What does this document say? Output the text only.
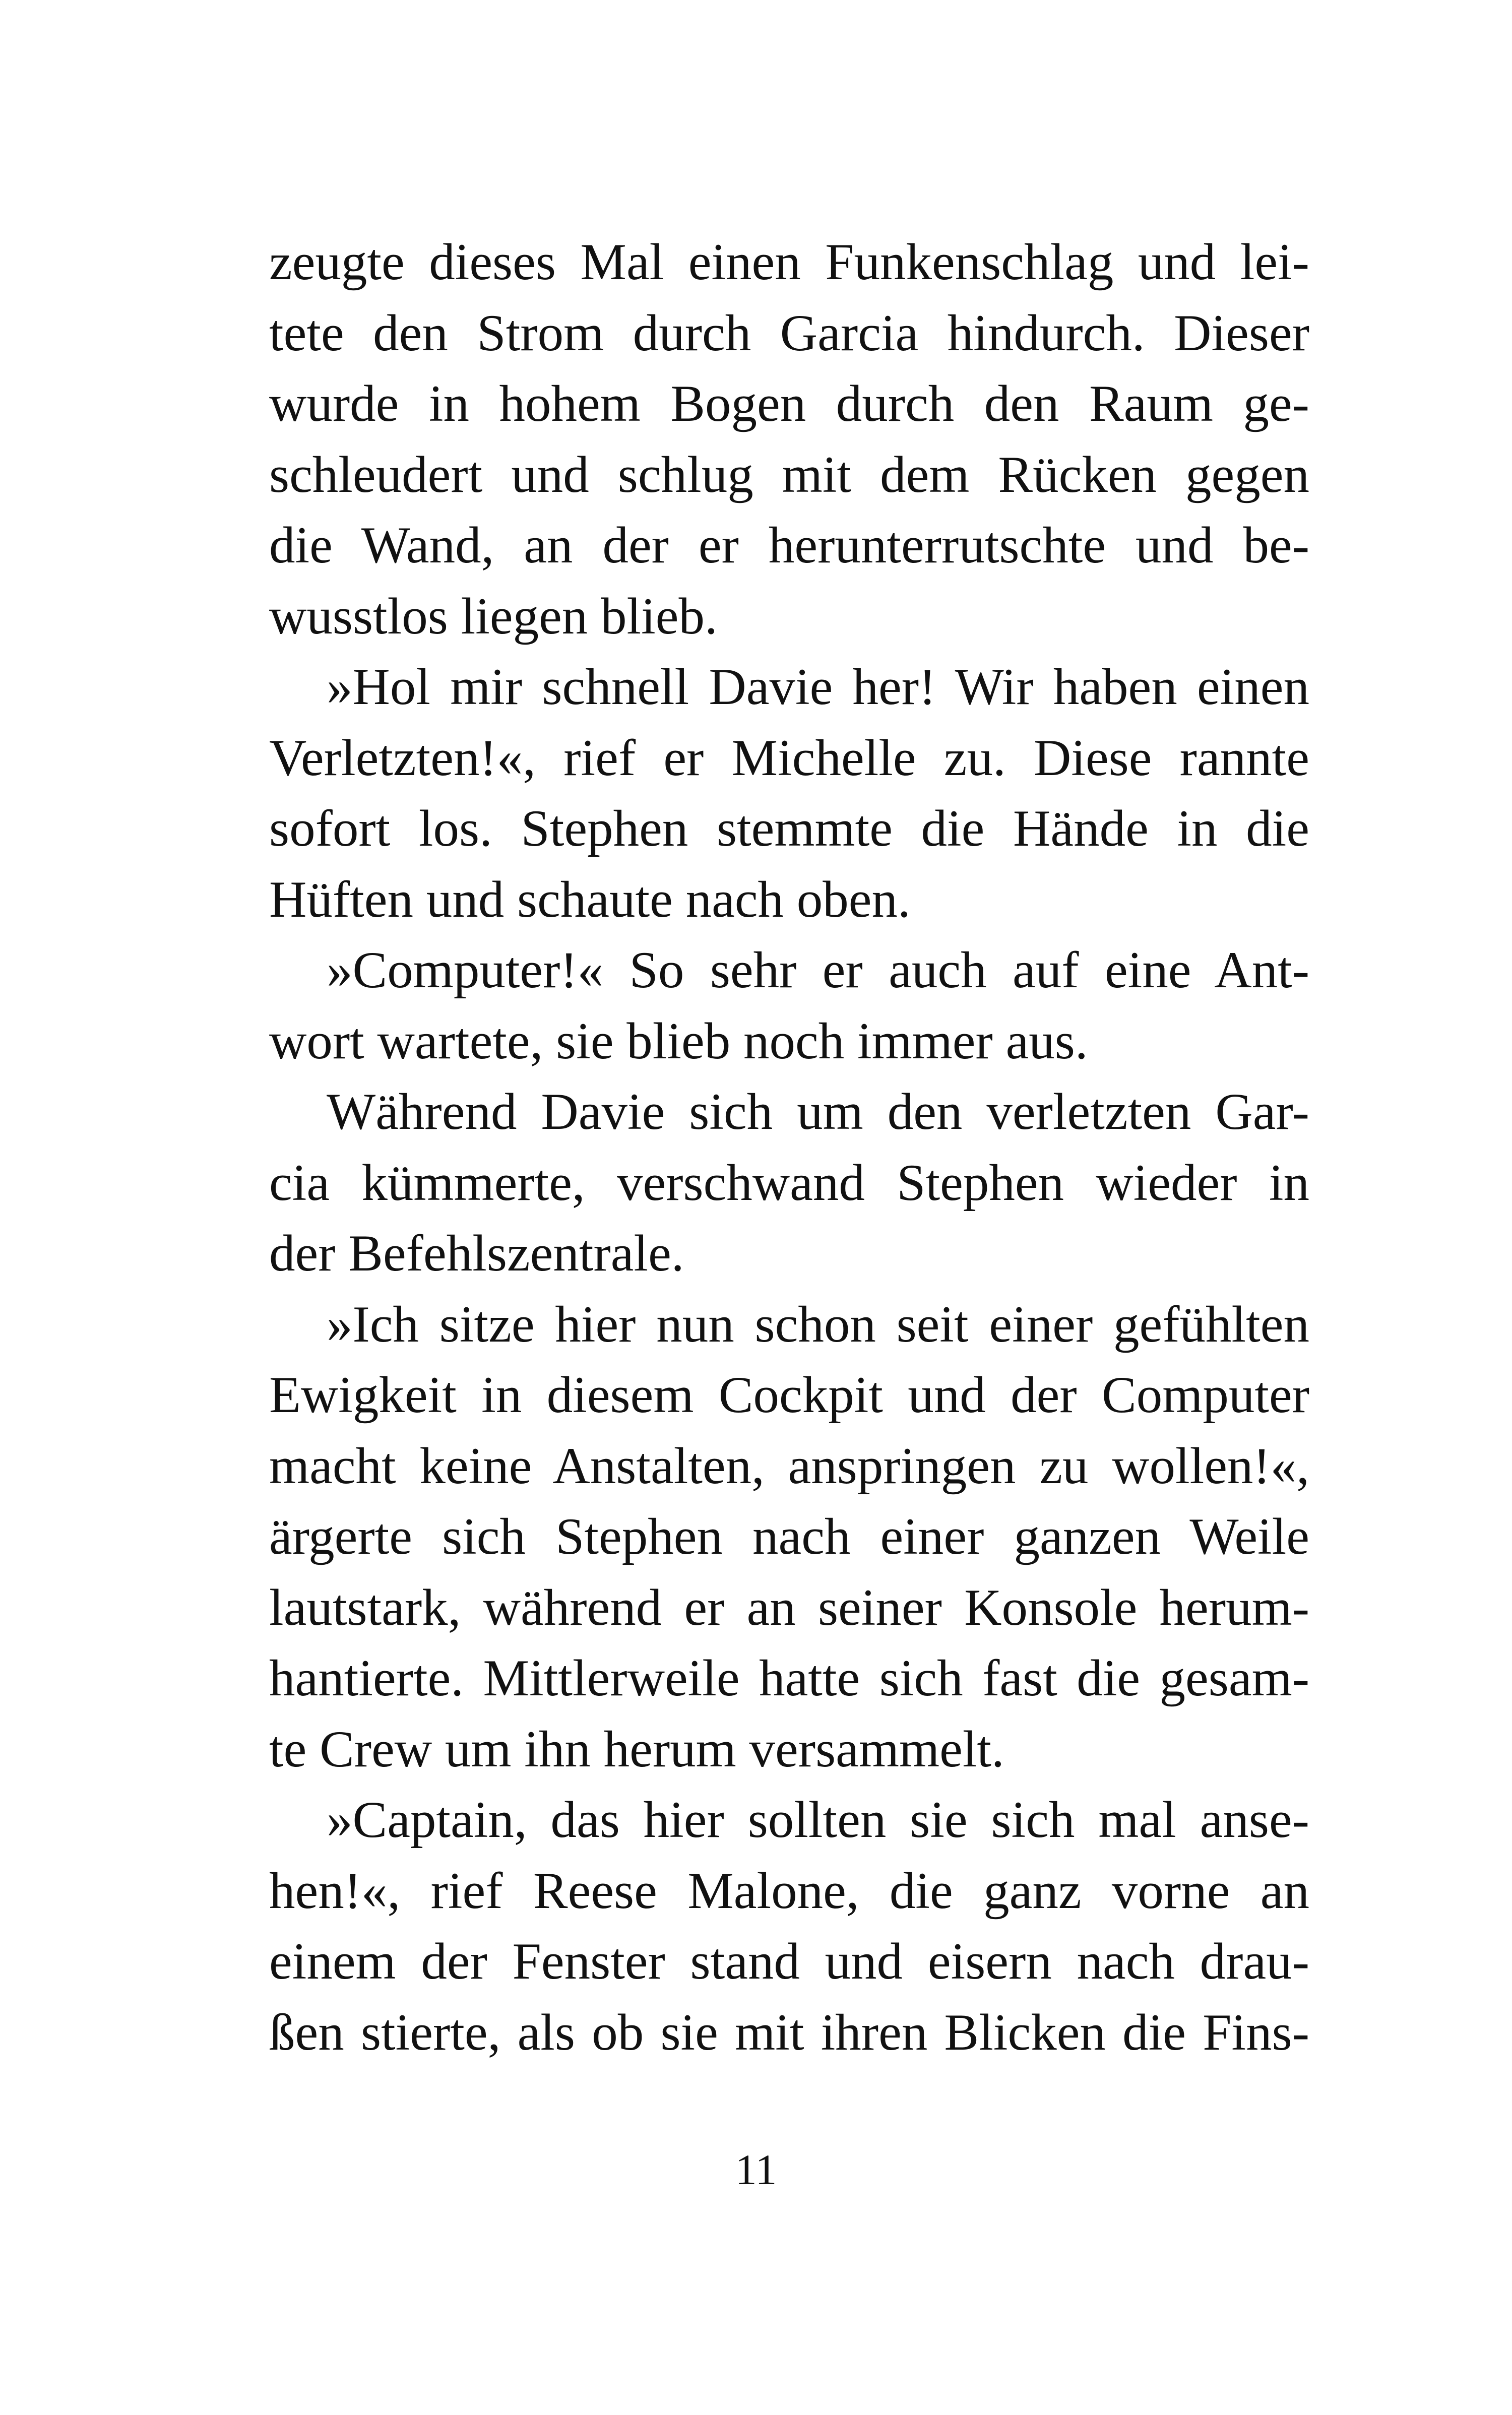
zeugte dieses Mal einen Funkenschlag und lei-
tete den Strom durch Garcia hindurch. Dieser
wurde in hohem Bogen durch den Raum ge-
schleudert und schlug mit dem Rücken gegen
die Wand, an der er herunterrutschte und be-
wusstlos liegen blieb.
»Hol mir schnell Davie her! Wir haben einen
Verletzten!«, rief er Michelle zu. Diese rannte
sofort los. Stephen stemmte die Hände in die
Hüften und schaute nach oben.
»Computer!« So sehr er auch auf eine Ant-
wort wartete, sie blieb noch immer aus.
Während Davie sich um den verletzten Gar-
cia kümmerte, verschwand Stephen wieder in
der Befehlszentrale.
»Ich sitze hier nun schon seit einer gefühlten
Ewigkeit in diesem Cockpit und der Computer
macht keine Anstalten, anspringen zu wollen!«,
ärgerte sich Stephen nach einer ganzen Weile
lautstark, während er an seiner Konsole herum-
hantierte. Mittlerweile hatte sich fast die gesam-
te Crew um ihn herum versammelt.
»Captain, das hier sollten sie sich mal anse-
hen!«, rief Reese Malone, die ganz vorne an
einem der Fenster stand und eisern nach drau-
ßen stierte, als ob sie mit ihren Blicken die Fins-
11
